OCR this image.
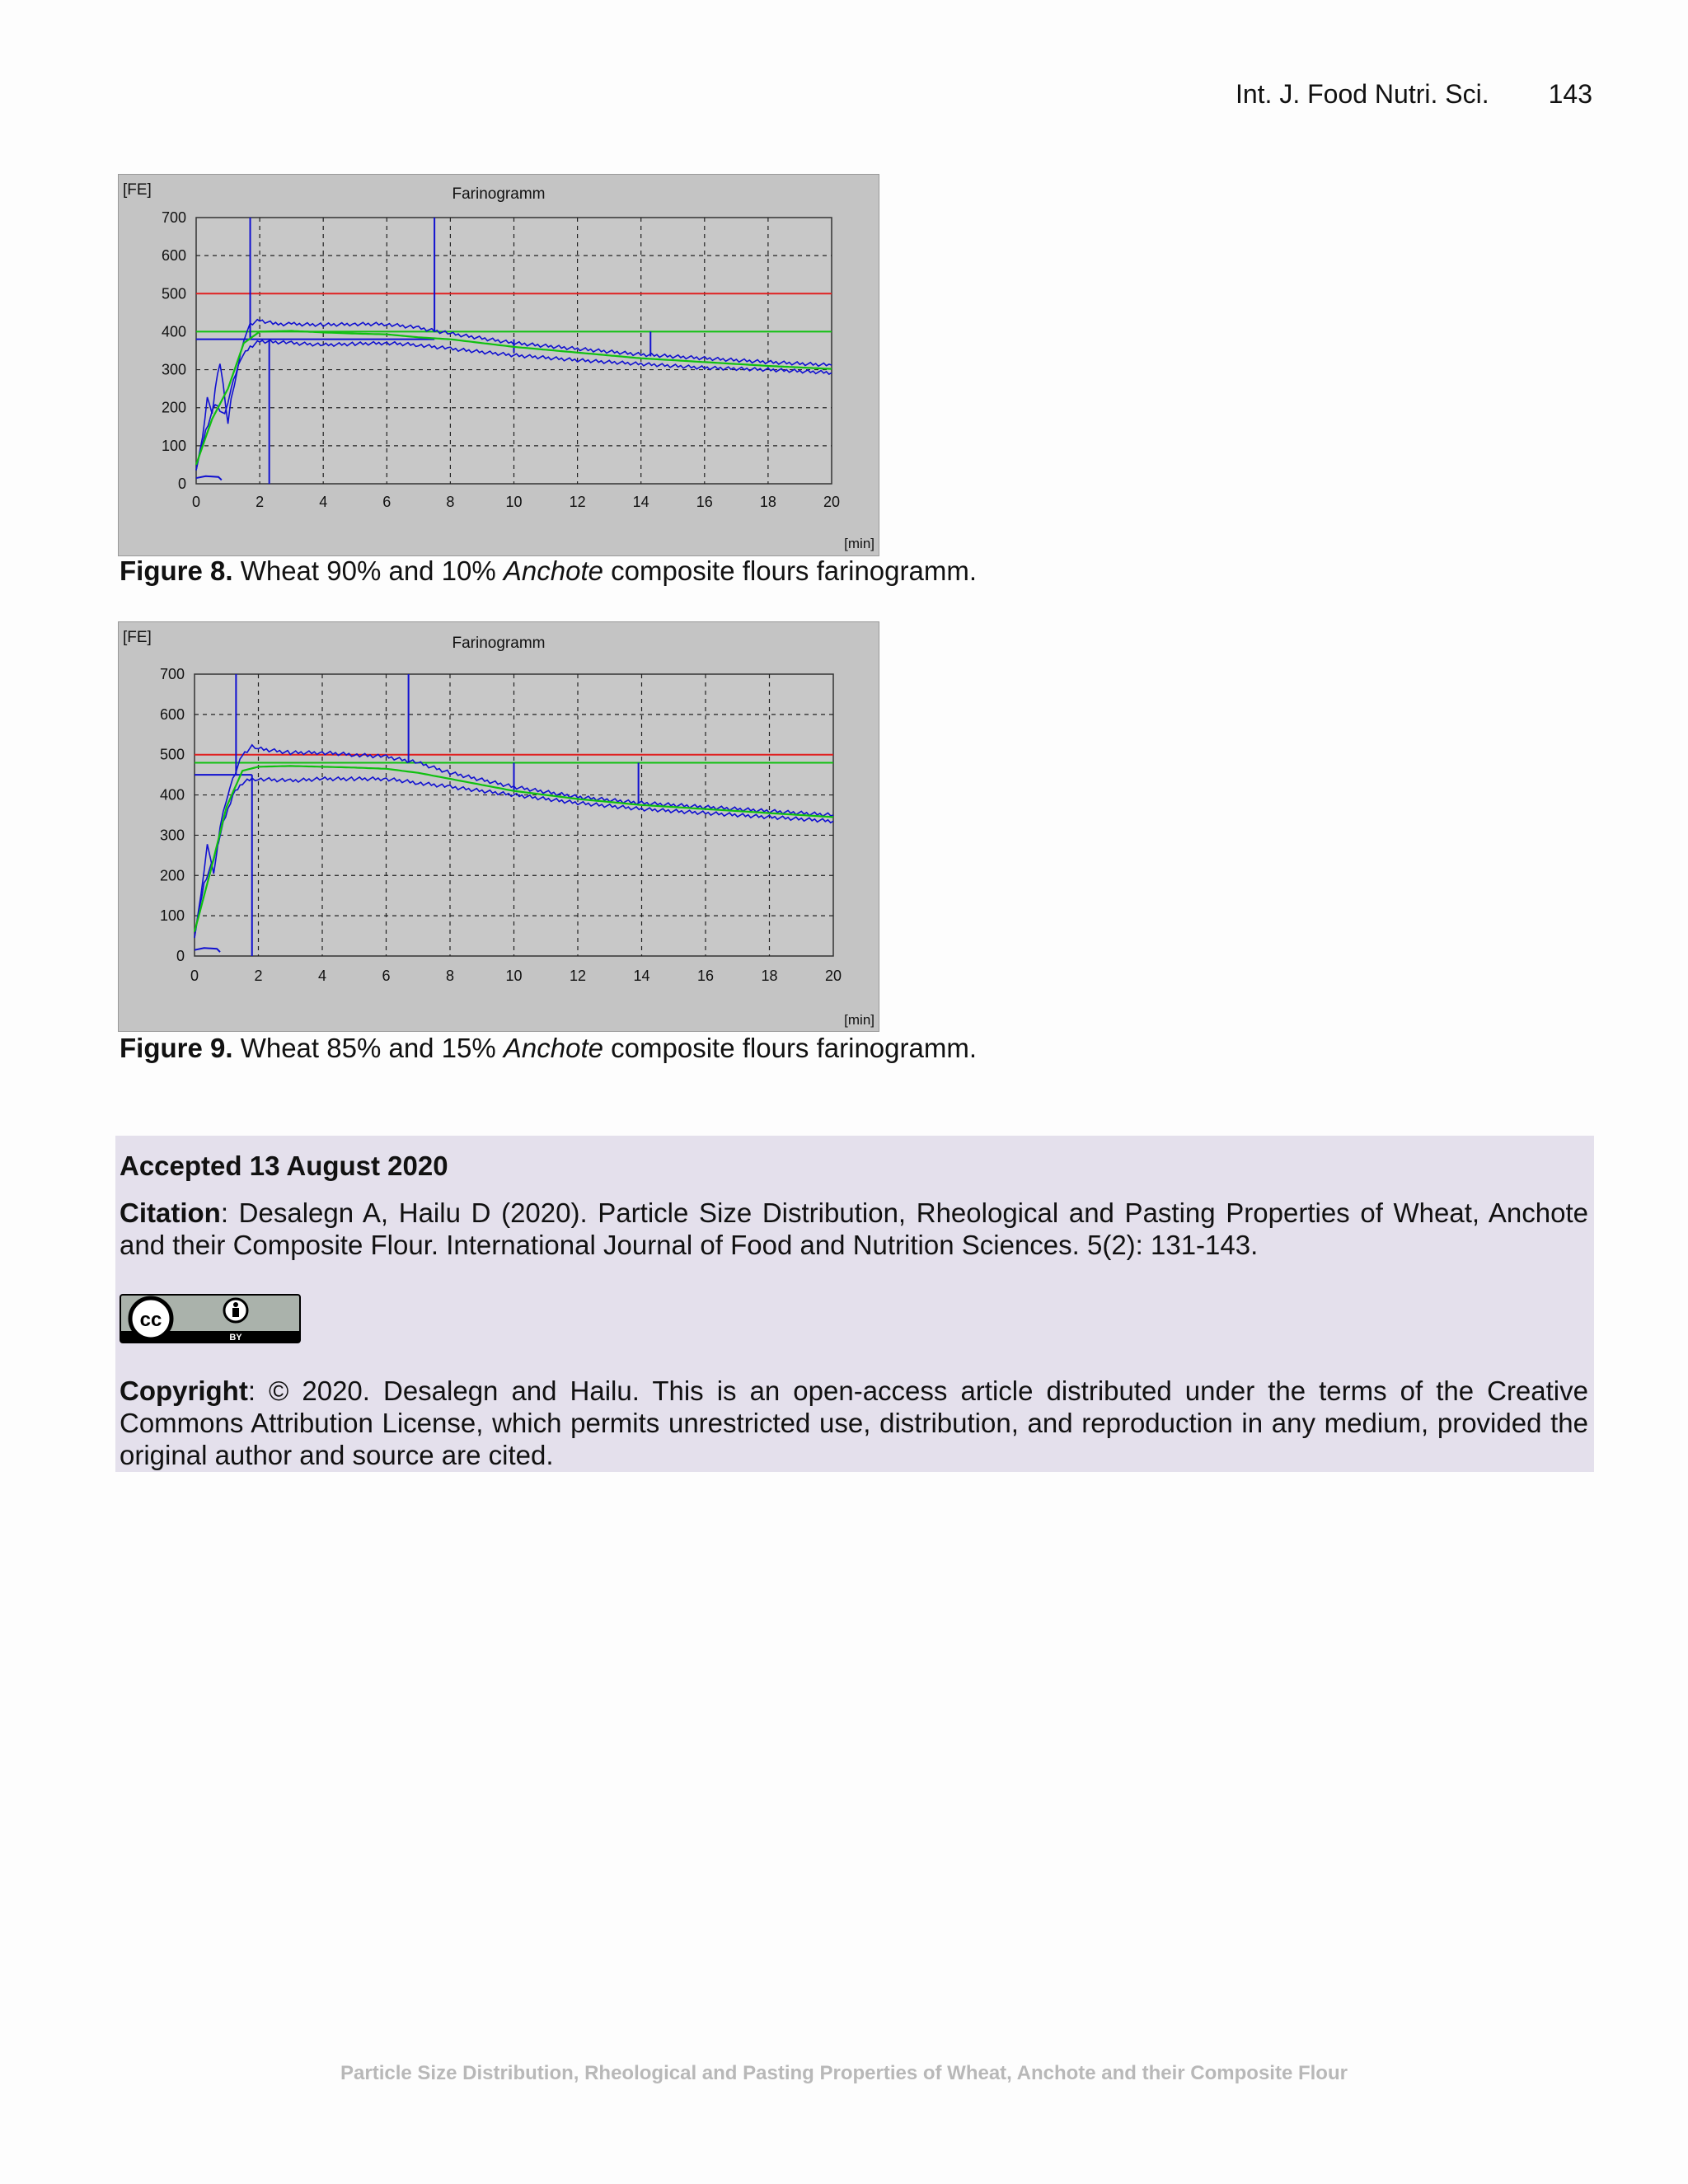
Int. J. Food Nutri. Sci. 143
[FE]	Farinogramm
[min]
0	2	4	6	8	10	12	14	16	18	20
0
100
200
300
400
500
600
700
Figure 8. Wheat 90% and 10% Anchote composite flours farinogramm.
[FE]	Farinogramm
[min]
0	2	4	6	8	10	12	14	16	18	20
0
100
200
300
400
500
600
700
Figure 9. Wheat 85% and 15% Anchote composite flours farinogramm.
Accepted 13 August 2020
Citation: Desalegn A, Hailu D (2020). Particle Size Distribution, Rheological and Pasting Properties of Wheat, Anchote and their Composite Flour. International Journal of Food and Nutrition Sciences. 5(2): 131-143.
cc
BY
Copyright: © 2020. Desalegn and Hailu. This is an open-access article distributed under the terms of the Creative Commons Attribution License, which permits unrestricted use, distribution, and reproduction in any medium, provided the original author and source are cited.
Particle Size Distribution, Rheological and Pasting Properties of Wheat, Anchote and their Composite Flour
